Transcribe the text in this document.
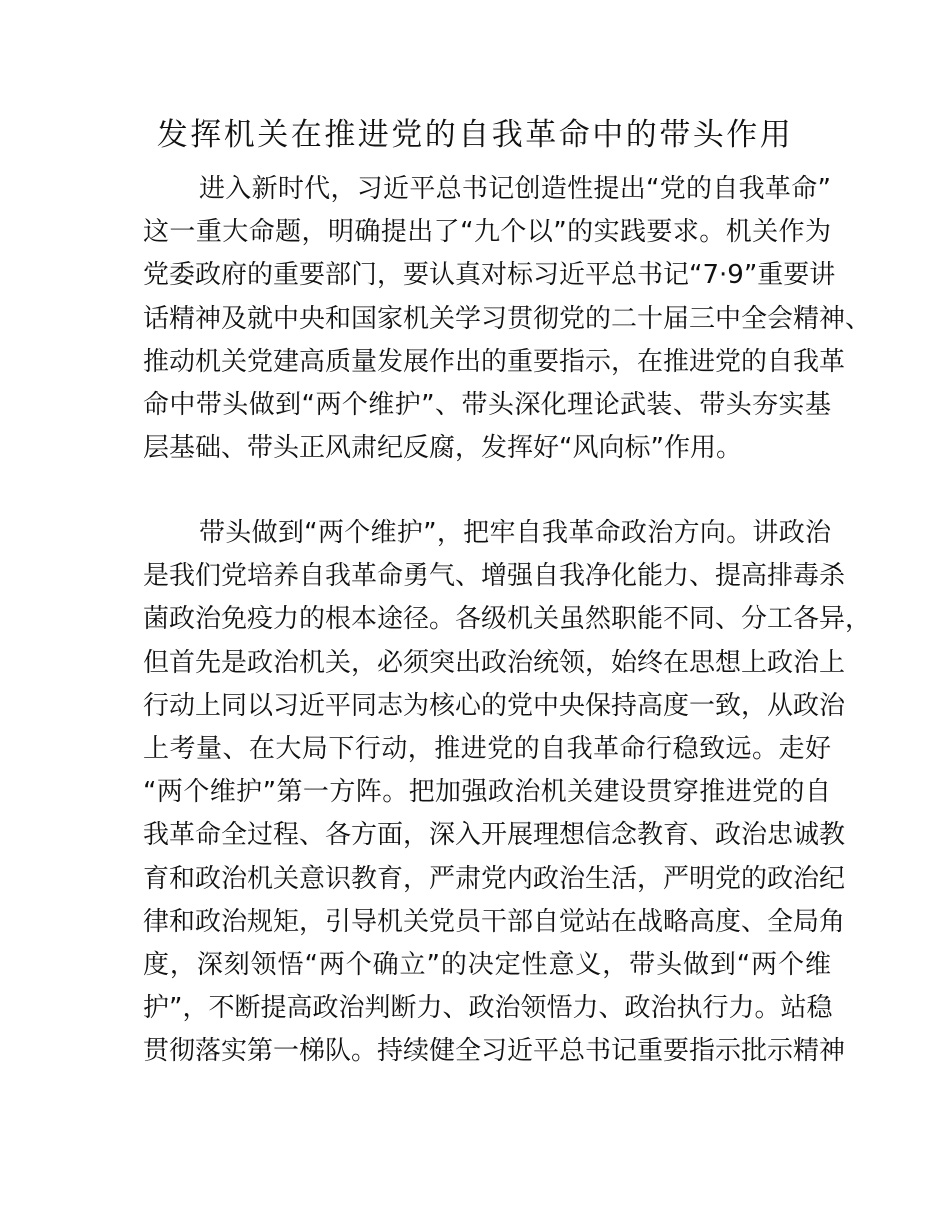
发挥机关在推进党的自我革命中的带头作用
进入新时代，习近平总书记创造性提出“党的自我革命”
这一重大命题，明确提出了“九个以”的实践要求。机关作为
党委政府的重要部门，要认真对标习近平总书记“7·9”重要讲
话精神及就中央和国家机关学习贯彻党的二十届三中全会精神、
推动机关党建高质量发展作出的重要指示，在推进党的自我革
命中带头做到“两个维护”、带头深化理论武装、带头夯实基
层基础、带头正风肃纪反腐，发挥好“风向标”作用。
带头做到“两个维护”，把牢自我革命政治方向。讲政治
是我们党培养自我革命勇气、增强自我净化能力、提高排毒杀
菌政治免疫力的根本途径。各级机关虽然职能不同、分工各异，
但首先是政治机关，必须突出政治统领，始终在思想上政治上
行动上同以习近平同志为核心的党中央保持高度一致，从政治
上考量、在大局下行动，推进党的自我革命行稳致远。走好
“两个维护”第一方阵。把加强政治机关建设贯穿推进党的自
我革命全过程、各方面，深入开展理想信念教育、政治忠诚教
育和政治机关意识教育，严肃党内政治生活，严明党的政治纪
律和政治规矩，引导机关党员干部自觉站在战略高度、全局角
度，深刻领悟“两个确立”的决定性意义，带头做到“两个维
护”，不断提高政治判断力、政治领悟力、政治执行力。站稳
贯彻落实第一梯队。持续健全习近平总书记重要指示批示精神
